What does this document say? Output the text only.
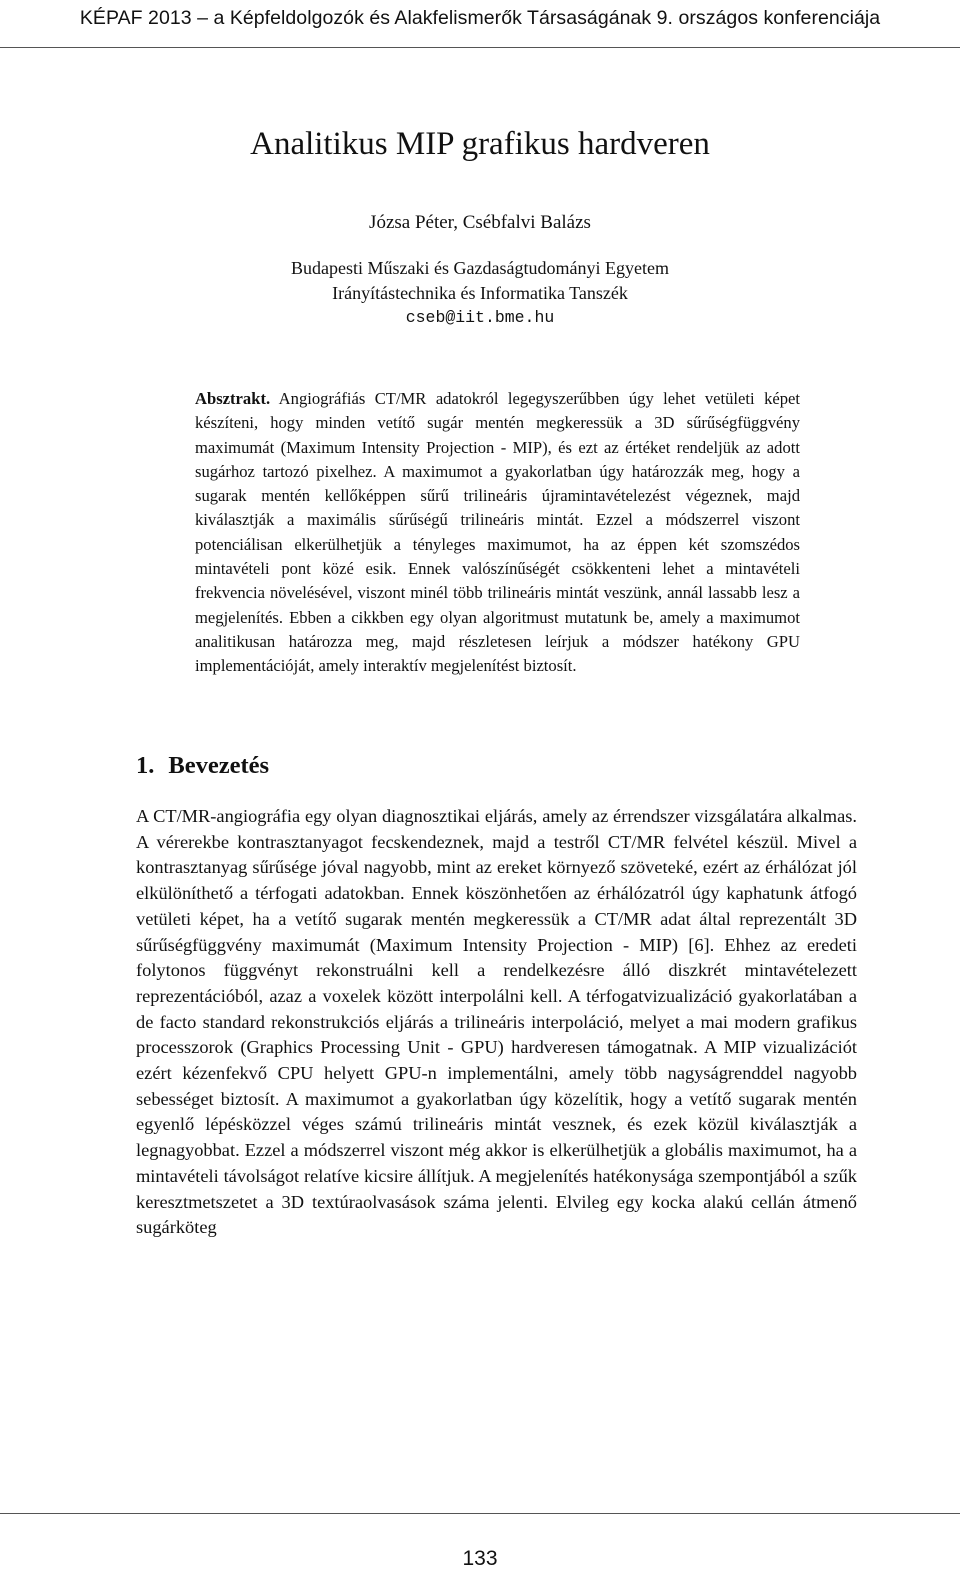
KÉPAF 2013 – a Képfeldolgozók és Alakfelismerők Társaságának 9. országos konferenciája
Analitikus MIP grafikus hardveren
Józsa Péter, Csébfalvi Balázs
Budapesti Műszaki és Gazdaságtudományi Egyetem
Irányítástechnika és Informatika Tanszék
cseb@iit.bme.hu
Absztrakt. Angiográfiás CT/MR adatokról legegyszerűbben úgy lehet vetületi képet készíteni, hogy minden vetítő sugár mentén megkeressük a 3D sűrűségfüggvény maximumát (Maximum Intensity Projection - MIP), és ezt az értéket rendeljük az adott sugárhoz tartozó pixelhez. A maximumot a gyakorlatban úgy határozzák meg, hogy a sugarak mentén kellőképpen sűrű trilineáris újramintavételezést végeznek, majd kiválasztják a maximális sűrűségű trilineáris mintát. Ezzel a módszerrel viszont potenciálisan elkerülhetjük a tényleges maximumot, ha az éppen két szomszédos mintavételi pont közé esik. Ennek valószínűségét csökkenteni lehet a mintavételi frekvencia növelésével, viszont minél több trilineáris mintát veszünk, annál lassabb lesz a megjelenítés. Ebben a cikkben egy olyan algoritmust mutatunk be, amely a maximumot analitikusan határozza meg, majd részletesen leírjuk a módszer hatékony GPU implementációját, amely interaktív megjelenítést biztosít.
1. Bevezetés
A CT/MR-angiográfia egy olyan diagnosztikai eljárás, amely az érrendszer vizsgálatára alkalmas. A vérerekbe kontrasztanyagot fecskendeznek, majd a testről CT/MR felvétel készül. Mivel a kontrasztanyag sűrűsége jóval nagyobb, mint az ereket környező szöveteké, ezért az érhálózat jól elkülöníthető a térfogati adatokban. Ennek köszönhetően az érhálózatról úgy kaphatunk átfogó vetületi képet, ha a vetítő sugarak mentén megkeressük a CT/MR adat által reprezentált 3D sűrűségfüggvény maximumát (Maximum Intensity Projection - MIP) [6]. Ehhez az eredeti folytonos függvényt rekonstruálni kell a rendelkezésre álló diszkrét mintavételezett reprezentációból, azaz a voxelek között interpolálni kell. A térfogatvizualizáció gyakorlatában a de facto standard rekonstrukciós eljárás a trilineáris interpoláció, melyet a mai modern grafikus processzorok (Graphics Processing Unit - GPU) hardveresen támogatnak. A MIP vizualizációt ezért kézenfekvő CPU helyett GPU-n implementálni, amely több nagyságrenddel nagyobb sebességet biztosít. A maximumot a gyakorlatban úgy közelítik, hogy a vetítő sugarak mentén egyenlő lépésközzel véges számú trilineáris mintát vesznek, és ezek közül kiválasztják a legnagyobbat. Ezzel a módszerrel viszont még akkor is elkerülhetjük a globális maximumot, ha a mintavételi távolságot relatíve kicsire állítjuk. A megjelenítés hatékonysága szempontjából a szűk keresztmetszetet a 3D textúraolvasások száma jelenti. Elvileg egy kocka alakú cellán átmenő sugárköteg
133
